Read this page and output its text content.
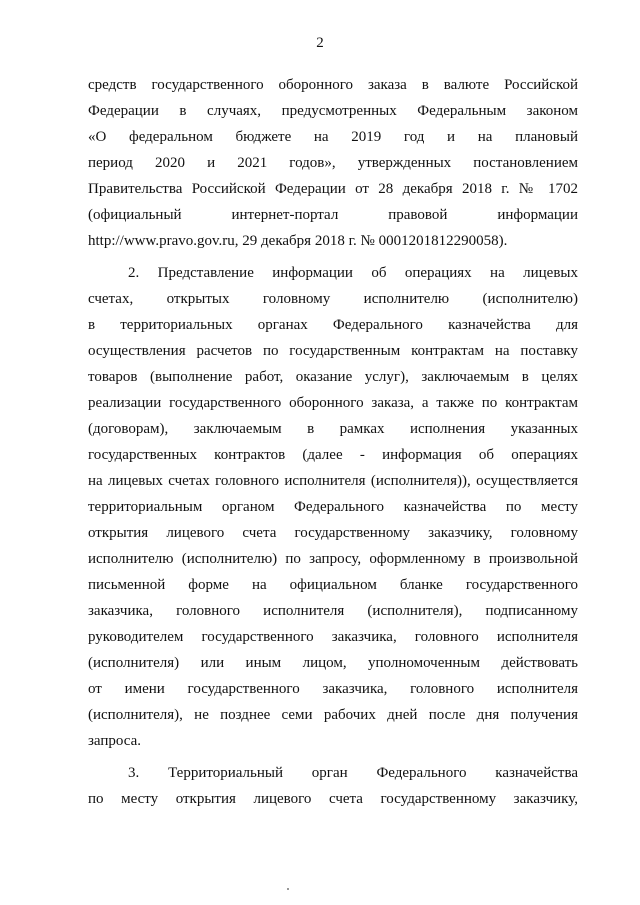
2
средств государственного оборонного заказа в валюте Российской
Федерации в случаях, предусмотренных Федеральным законом
«О федеральном бюджете на 2019 год и на плановый
период 2020 и 2021 годов», утвержденных постановлением
Правительства Российской Федерации от 28 декабря 2018 г. № 1702
(официальный интернет-портал правовой информации
http://www.pravo.gov.ru, 29 декабря 2018 г. № 0001201812290058).
2. Представление информации об операциях на лицевых
счетах, открытых головному исполнителю (исполнителю)
в территориальных органах Федерального казначейства для
осуществления расчетов по государственным контрактам на поставку
товаров (выполнение работ, оказание услуг), заключаемым в целях
реализации государственного оборонного заказа, а также по контрактам
(договорам), заключаемым в рамках исполнения указанных
государственных контрактов (далее - информация об операциях
на лицевых счетах головного исполнителя (исполнителя)), осуществляется
территориальным органом Федерального казначейства по месту
открытия лицевого счета государственному заказчику, головному
исполнителю (исполнителю) по запросу, оформленному в произвольной
письменной форме на официальном бланке государственного
заказчика, головного исполнителя (исполнителя), подписанному
руководителем государственного заказчика, головного исполнителя
(исполнителя) или иным лицом, уполномоченным действовать
от имени государственного заказчика, головного исполнителя
(исполнителя), не позднее семи рабочих дней после дня получения
запроса.
3. Территориальный орган Федерального казначейства
по месту открытия лицевого счета государственному заказчику,
